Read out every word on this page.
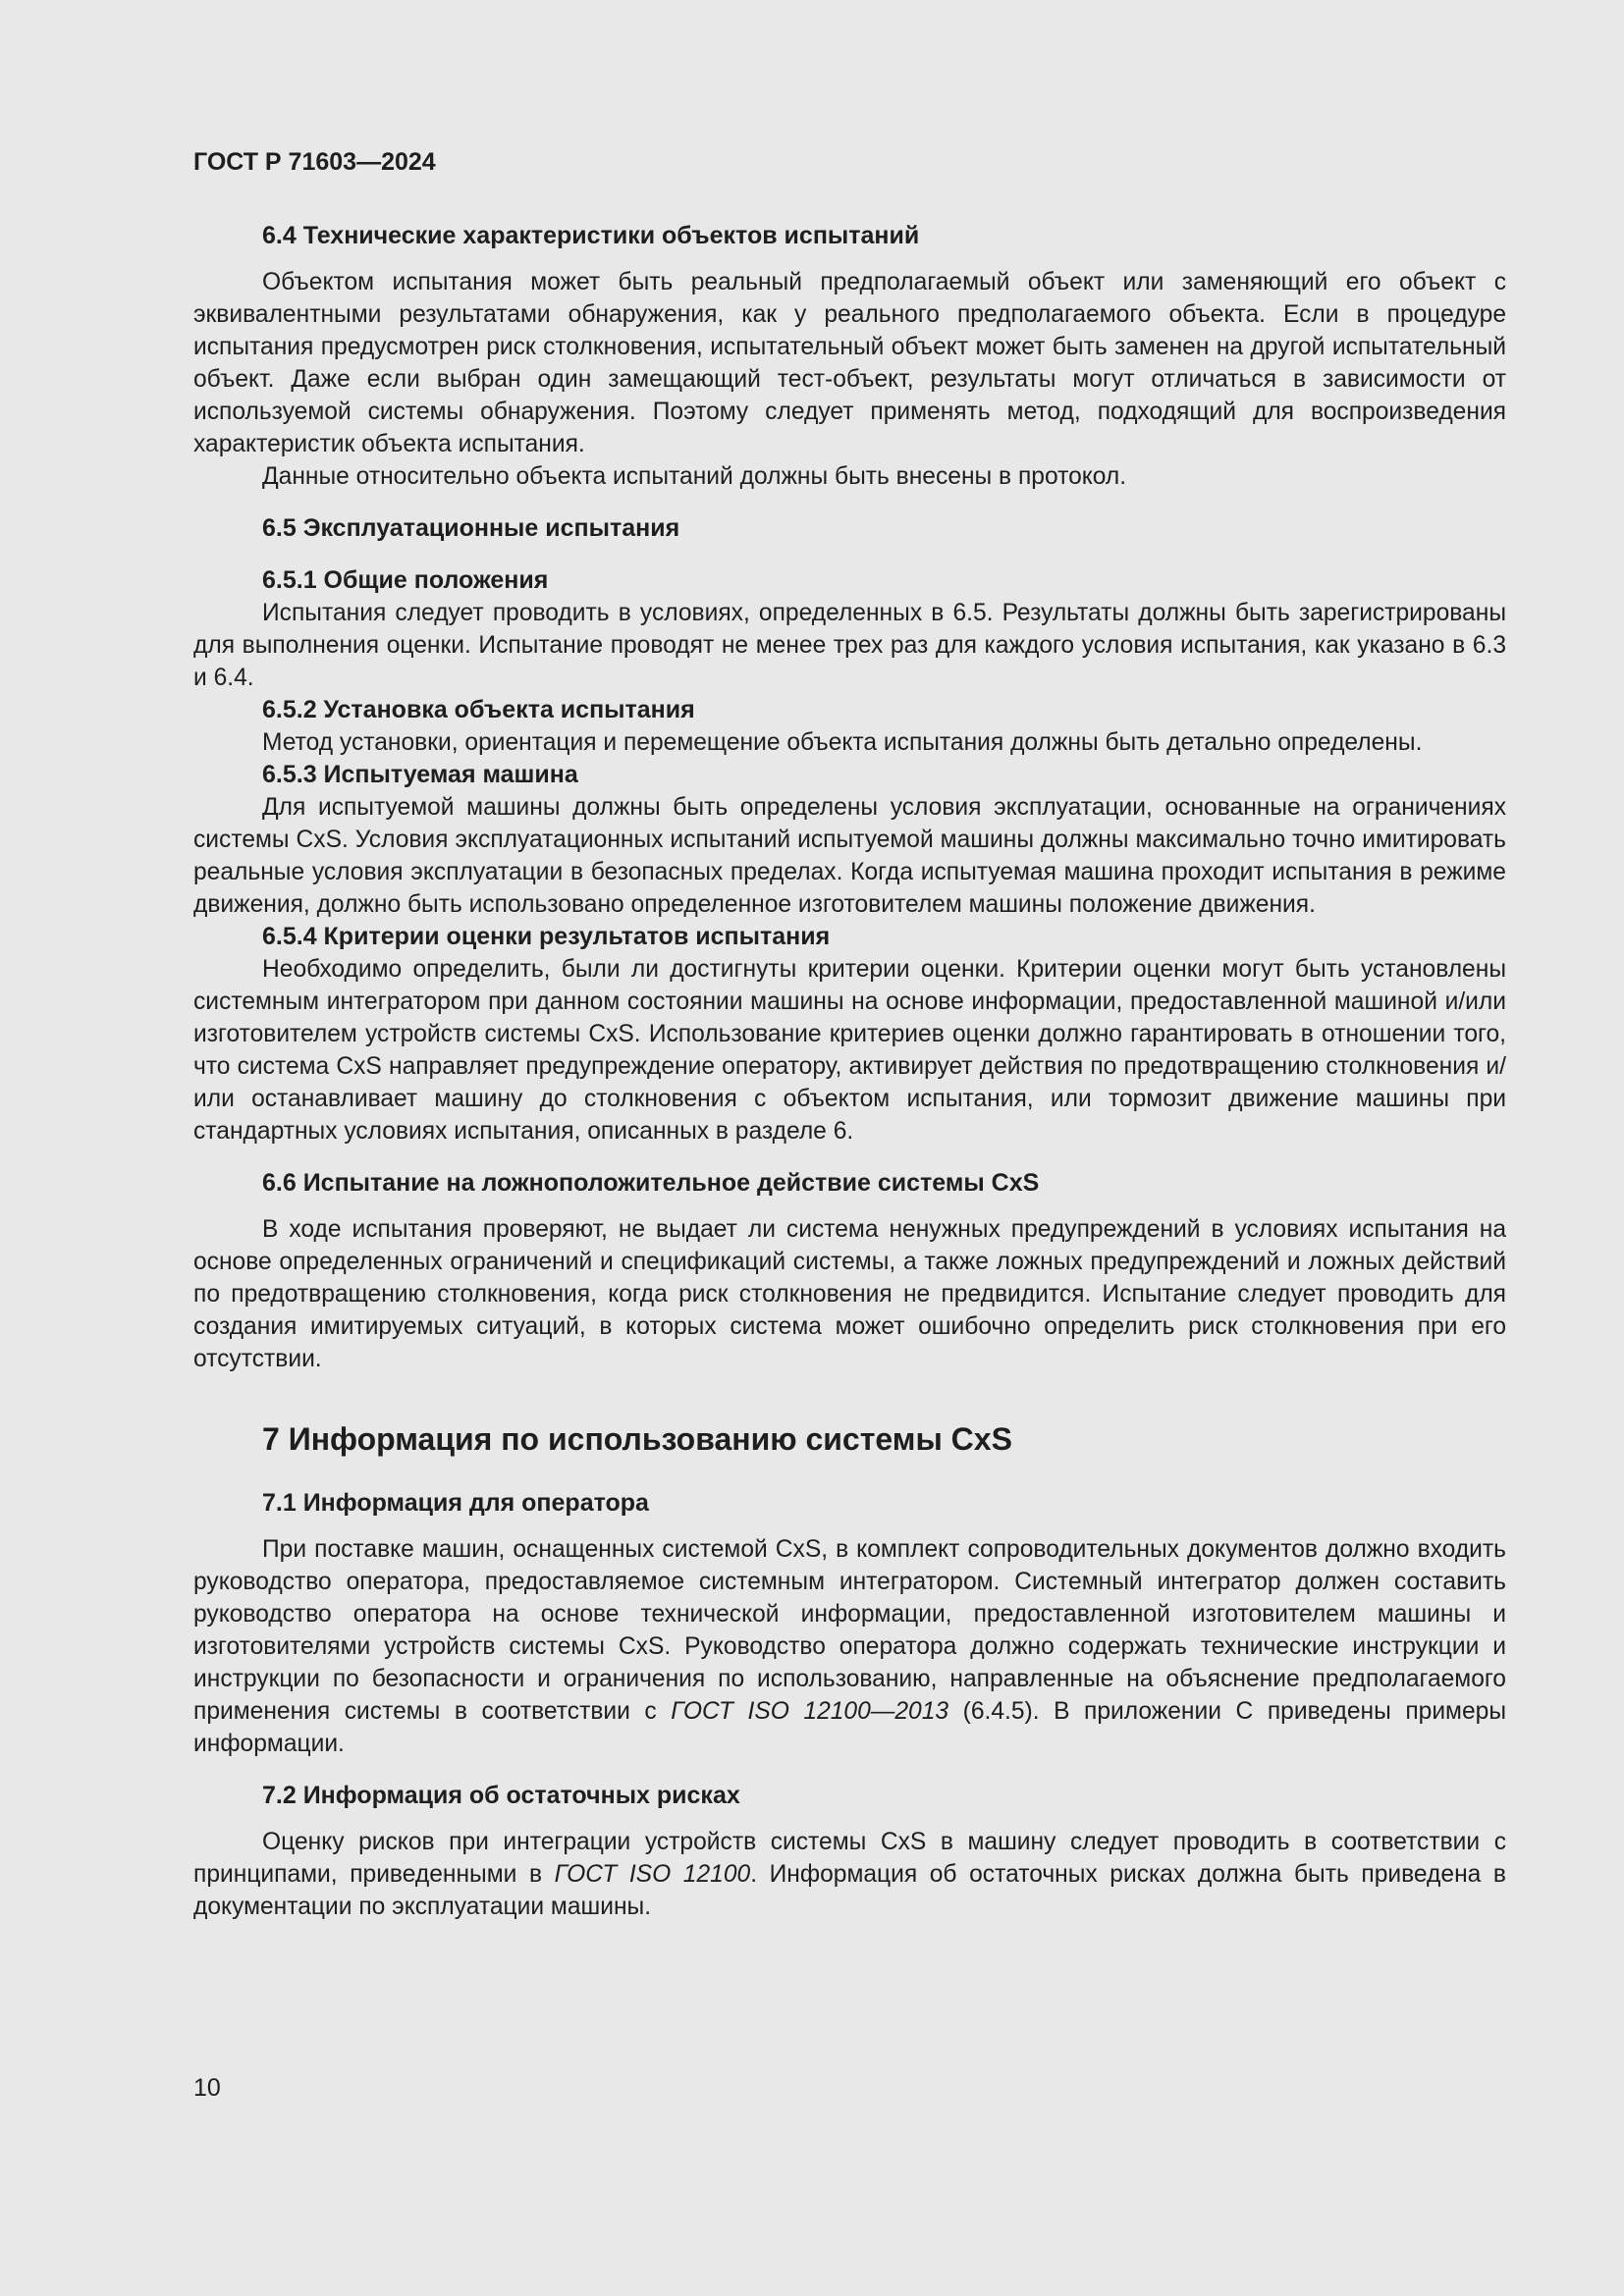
ГОСТ Р 71603—2024
6.4 Технические характеристики объектов испытаний

Объектом испытания может быть реальный предполагаемый объект или заменяющий его объект с эквивалентными результатами обнаружения, как у реального предполагаемого объекта. Если в процедуре испытания предусмотрен риск столкновения, испытательный объект может быть заменен на другой испытательный объект. Даже если выбран один замещающий тест-объект, результаты могут отличаться в зависимости от используемой системы обнаружения. Поэтому следует применять метод, подходящий для воспроизведения характеристик объекта испытания.

Данные относительно объекта испытаний должны быть внесены в протокол.

6.5 Эксплуатационные испытания
6.5.1 Общие положения

Испытания следует проводить в условиях, определенных в 6.5. Результаты должны быть зарегистрированы для выполнения оценки. Испытание проводят не менее трех раз для каждого условия испытания, как указано в 6.3 и 6.4.

6.5.2 Установка объекта испытания

Метод установки, ориентация и перемещение объекта испытания должны быть детально определены.

6.5.3 Испытуемая машина

Для испытуемой машины должны быть определены условия эксплуатации, основанные на ограничениях системы CxS. Условия эксплуатационных испытаний испытуемой машины должны максимально точно имитировать реальные условия эксплуатации в безопасных пределах. Когда испытуемая машина проходит испытания в режиме движения, должно быть использовано определенное изготовителем машины положение движения.

6.5.4 Критерии оценки результатов испытания

Необходимо определить, были ли достигнуты критерии оценки. Критерии оценки могут быть установлены системным интегратором при данном состоянии машины на основе информации, предоставленной машиной и/или изготовителем устройств системы CxS. Использование критериев оценки должно гарантировать в отношении того, что система CxS направляет предупреждение оператору, активирует действия по предотвращению столкновения и/или останавливает машину до столкновения с объектом испытания, или тормозит движение машины при стандартных условиях испытания, описанных в разделе 6.

6.6 Испытание на ложноположительное действие системы CxS

В ходе испытания проверяют, не выдает ли система ненужных предупреждений в условиях испытания на основе определенных ограничений и спецификаций системы, а также ложных предупреждений и ложных действий по предотвращению столкновения, когда риск столкновения не предвидится. Испытание следует проводить для создания имитируемых ситуаций, в которых система может ошибочно определить риск столкновения при его отсутствии.

7 Информация по использованию системы CxS
7.1 Информация для оператора

При поставке машин, оснащенных системой CxS, в комплект сопроводительных документов должно входить руководство оператора, предоставляемое системным интегратором. Системный интегратор должен составить руководство оператора на основе технической информации, предоставленной изготовителем машины и изготовителями устройств системы CxS. Руководство оператора должно содержать технические инструкции и инструкции по безопасности и ограничения по использованию, направленные на объяснение предполагаемого применения системы в соответствии с ГОСТ ISO 12100—2013 (6.4.5). В приложении С приведены примеры информации.

7.2 Информация об остаточных рисках

Оценку рисков при интеграции устройств системы CxS в машину следует проводить в соответствии с принципами, приведенными в ГОСТ ISO 12100. Информация об остаточных рисках должна быть приведена в документации по эксплуатации машины.

10
